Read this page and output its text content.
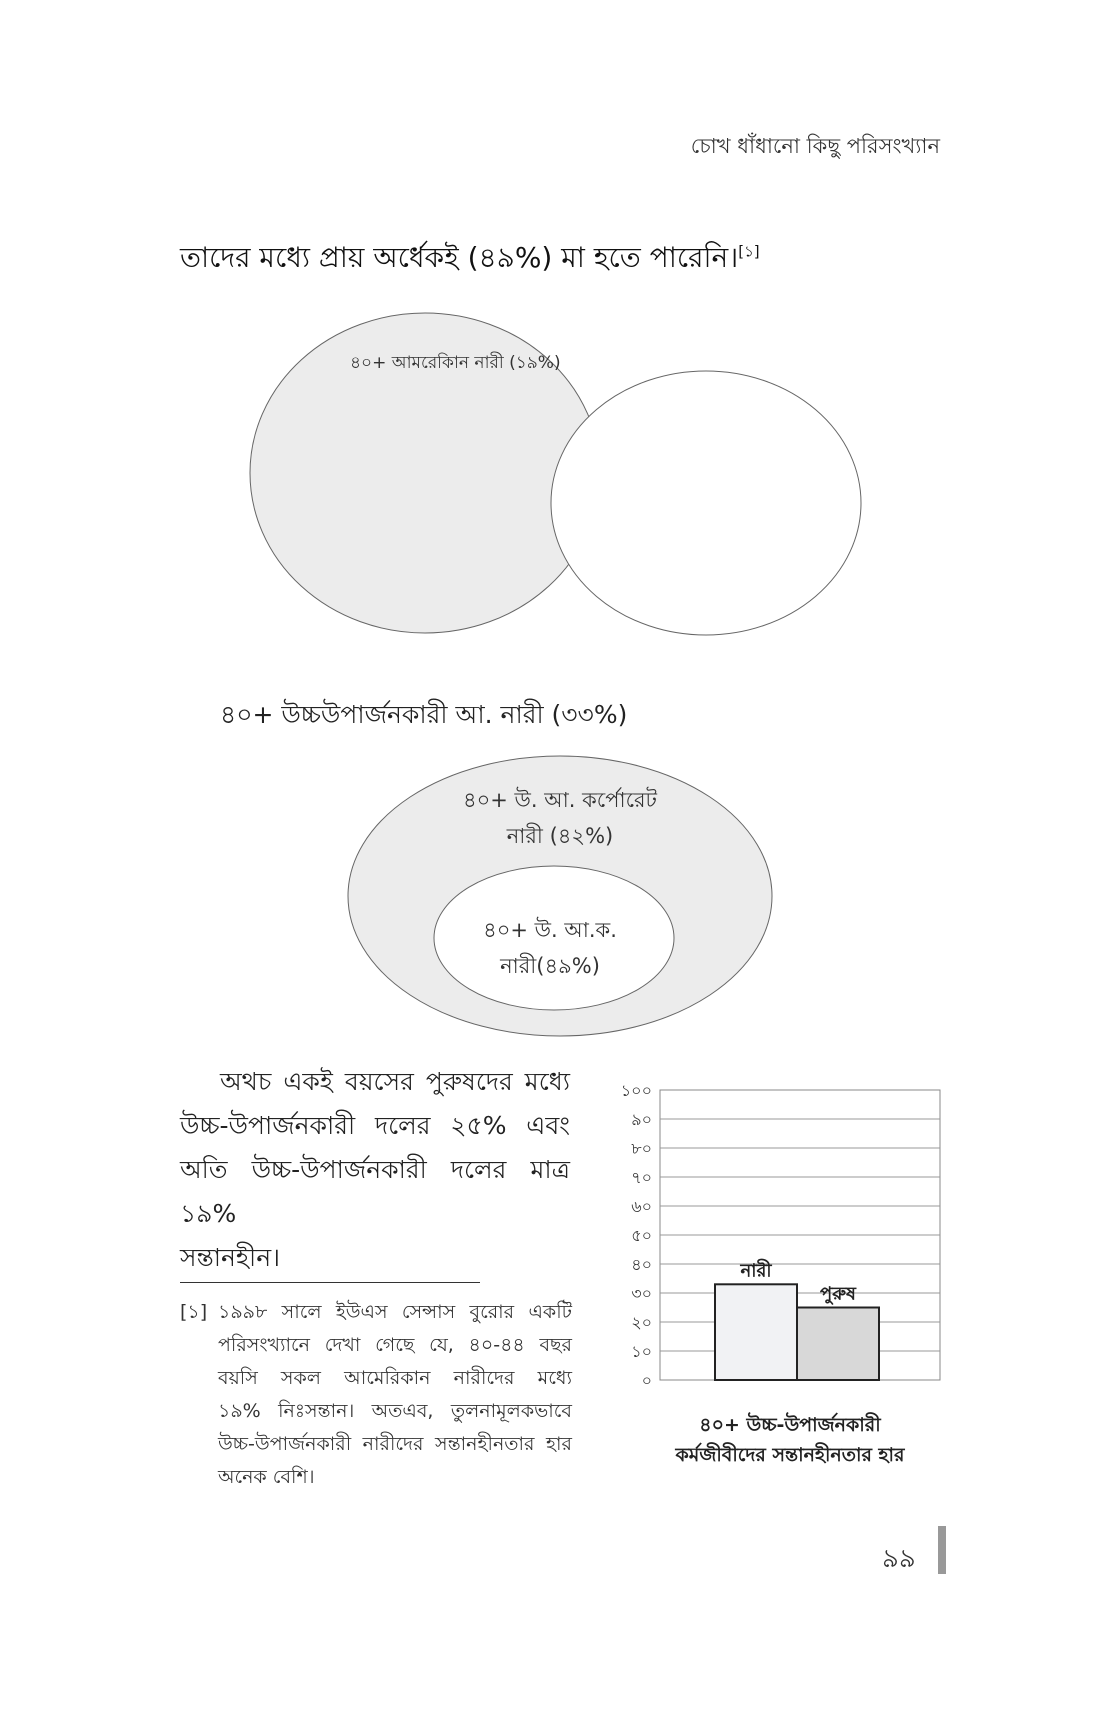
চোখ ধাঁধানো কিছু পরিসংখ্যান
তাদের মধ্যে প্রায় অর্ধেকই (৪৯%) মা হতে পারেনি।[১]
৪০+ আমরেকিান নারী (১৯%)
৪০+ উচ্চউপার্জনকারী আ. নারী (৩৩%)
৪০+ উ. আ. কর্পোরেট
নারী (৪২%)
৪০+ উ. আ.ক.
নারী(৪৯%)
অথচ একই বয়সের পুরুষদের মধ্যে
উচ্চ-উপার্জনকারী দলের ২৫% এবং
অতি উচ্চ-উপার্জনকারী দলের মাত্র ১৯%
সন্তানহীন।
[১] ১৯৯৮ সালে ইউএস সেন্সাস বুরোর একটি
পরিসংখ্যানে দেখা গেছে যে, ৪০-৪৪ বছর
বয়সি সকল আমেরিকান নারীদের মধ্যে
১৯% নিঃসন্তান। অতএব, তুলনামূলকভাবে
উচ্চ-উপার্জনকারী নারীদের সন্তানহীনতার হার
অনেক বেশি।
০
১০
২০
৩০
৪০
৫০
৬০
৭০
৮০
৯০
১০০
নারী
পুরুষ
৪০+ উচ্চ-উপার্জনকারী
কর্মজীবীদের সন্তানহীনতার হার
৯৯
